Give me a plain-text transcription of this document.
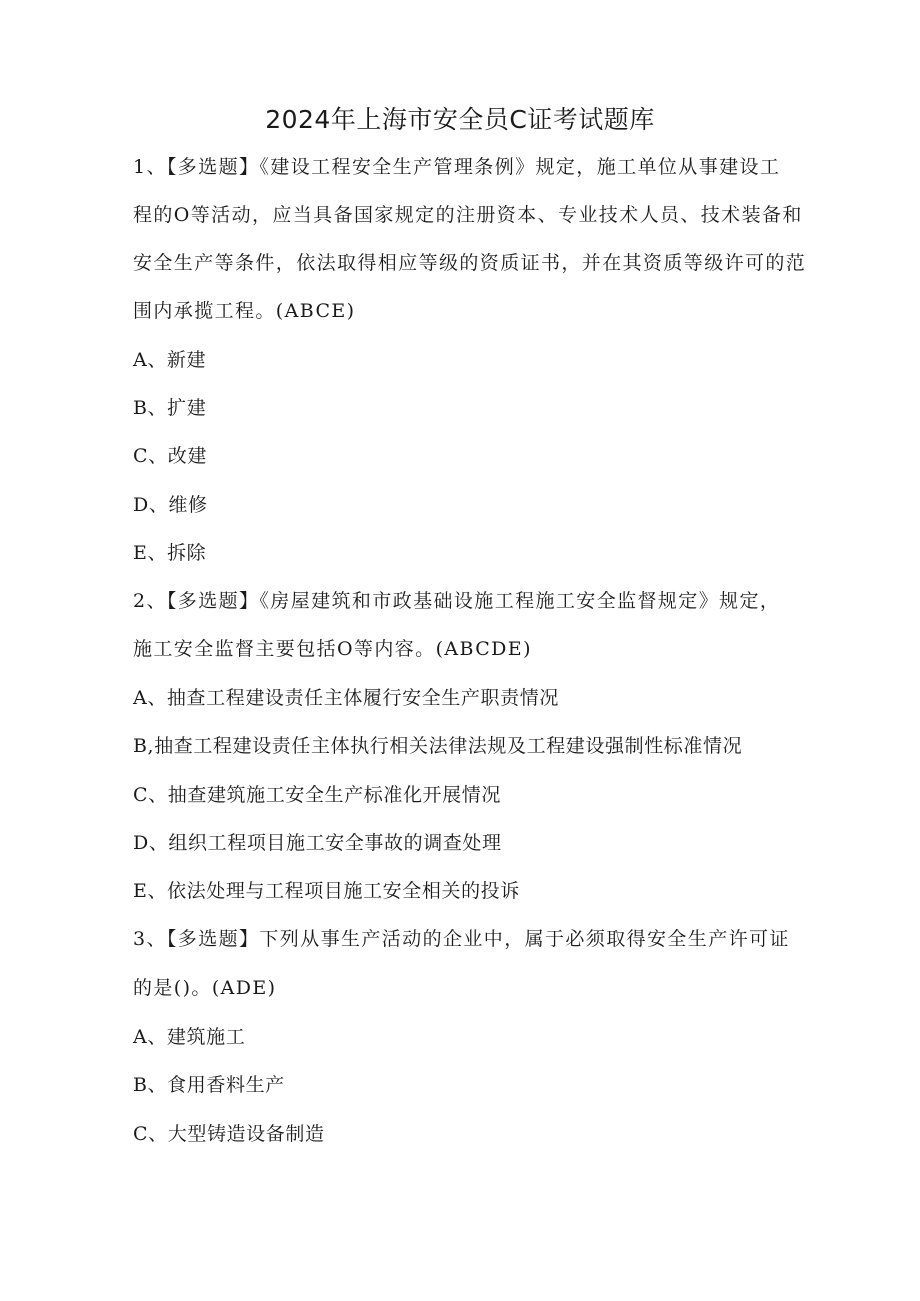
2024年上海市安全员C证考试题库
1、【多选题】《建设工程安全生产管理条例》规定，施工单位从事建设工
程的O等活动，应当具备国家规定的注册资本、专业技术人员、技术装备和
安全生产等条件，依法取得相应等级的资质证书，并在其资质等级许可的范
围内承揽工程。(ABCE)
A、新建
B、扩建
C、改建
D、维修
E、拆除
2、【多选题】《房屋建筑和市政基础设施工程施工安全监督规定》规定，
施工安全监督主要包括O等内容。(ABCDE)
A、抽查工程建设责任主体履行安全生产职责情况
B,抽查工程建设责任主体执行相关法律法规及工程建设强制性标准情况
C、抽查建筑施工安全生产标准化开展情况
D、组织工程项目施工安全事故的调查处理
E、依法处理与工程项目施工安全相关的投诉
3、【多选题】下列从事生产活动的企业中，属于必须取得安全生产许可证
的是()。(ADE)
A、建筑施工
B、食用香料生产
C、大型铸造设备制造
